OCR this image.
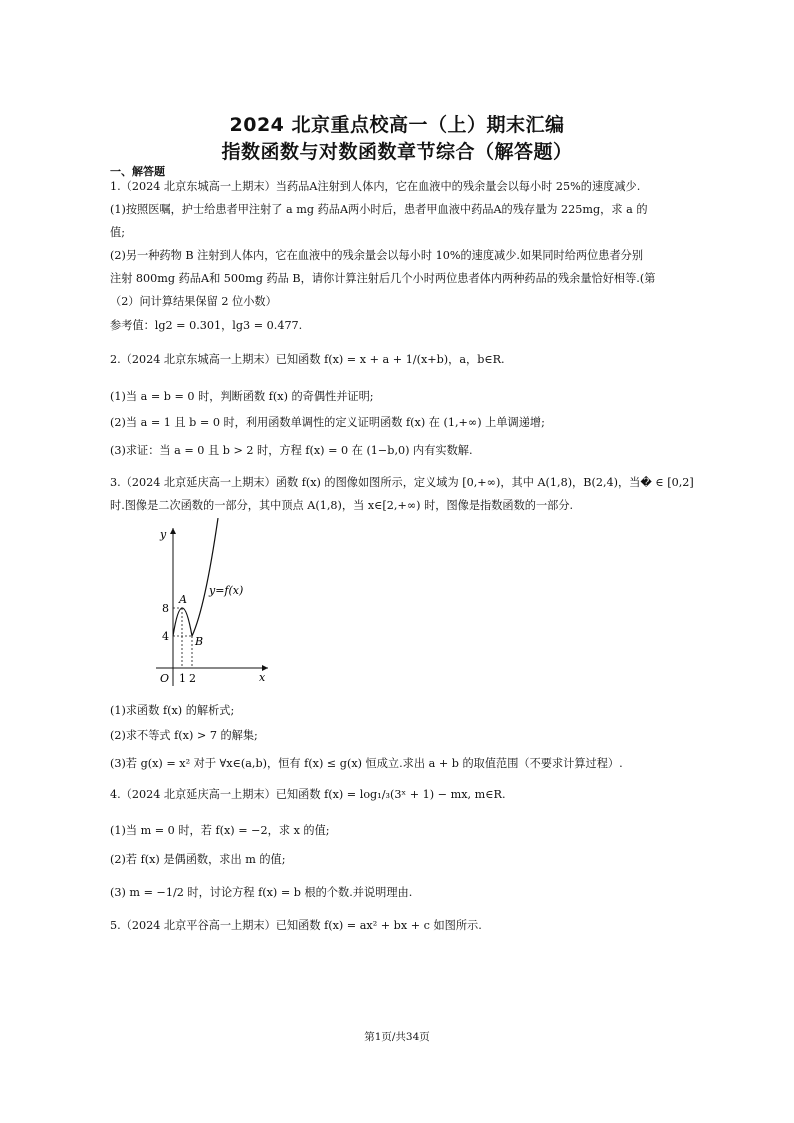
2024 北京重点校高一（上）期末汇编
指数函数与对数函数章节综合（解答题）
一、解答题
1.（2024 北京东城高一上期末）当药品A注射到人体内，它在血液中的残余量会以每小时 25%的速度减少.
(1)按照医嘱，护士给患者甲注射了 a mg 药品A两小时后，患者甲血液中药品A的残存量为 225mg，求 a 的
值;
(2)另一种药物 B 注射到人体内，它在血液中的残余量会以每小时 10%的速度减少.如果同时给两位患者分别
注射 800mg 药品A和 500mg 药品 B，请你计算注射后几个小时两位患者体内两种药品的残余量恰好相等.(第
（2）问计算结果保留 2 位小数）
参考值：lg2 = 0.301，lg3 = 0.477.
2.（2024 北京东城高一上期末）已知函数 f(x) = x + a + 1/(x+b)，a，b∈R.
(1)当 a = b = 0 时，判断函数 f(x) 的奇偶性并证明;
(2)当 a = 1 且 b = 0 时，利用函数单调性的定义证明函数 f(x) 在 (1,+∞) 上单调递增;
(3)求证：当 a = 0 且 b > 2 时，方程 f(x) = 0 在 (1−b,0) 内有实数解.
3.（2024 北京延庆高一上期末）函数 f(x) 的图像如图所示，定义域为 [0,+∞)，其中 A(1,8)，B(2,4)，当� ∈ [0,2]
时.图像是二次函数的一部分，其中顶点 A(1,8)，当 x∈[2,+∞) 时，图像是指数函数的一部分.
y
x
O
A
B
y=f(x)
8
4
1 2
(1)求函数 f(x) 的解析式;
(2)求不等式 f(x) > 7 的解集;
(3)若 g(x) = x² 对于 ∀x∈(a,b)，恒有 f(x) ≤ g(x) 恒成立.求出 a + b 的取值范围（不要求计算过程）.
4.（2024 北京延庆高一上期末）已知函数 f(x) = log₁/₃(3ˣ + 1) − mx, m∈R.
(1)当 m = 0 时，若 f(x) = −2，求 x 的值;
(2)若 f(x) 是偶函数，求出 m 的值;
(3) m = −1/2 时，讨论方程 f(x) = b 根的个数.并说明理由.
5.（2024 北京平谷高一上期末）已知函数 f(x) = ax² + bx + c 如图所示.
第1页/共34页
